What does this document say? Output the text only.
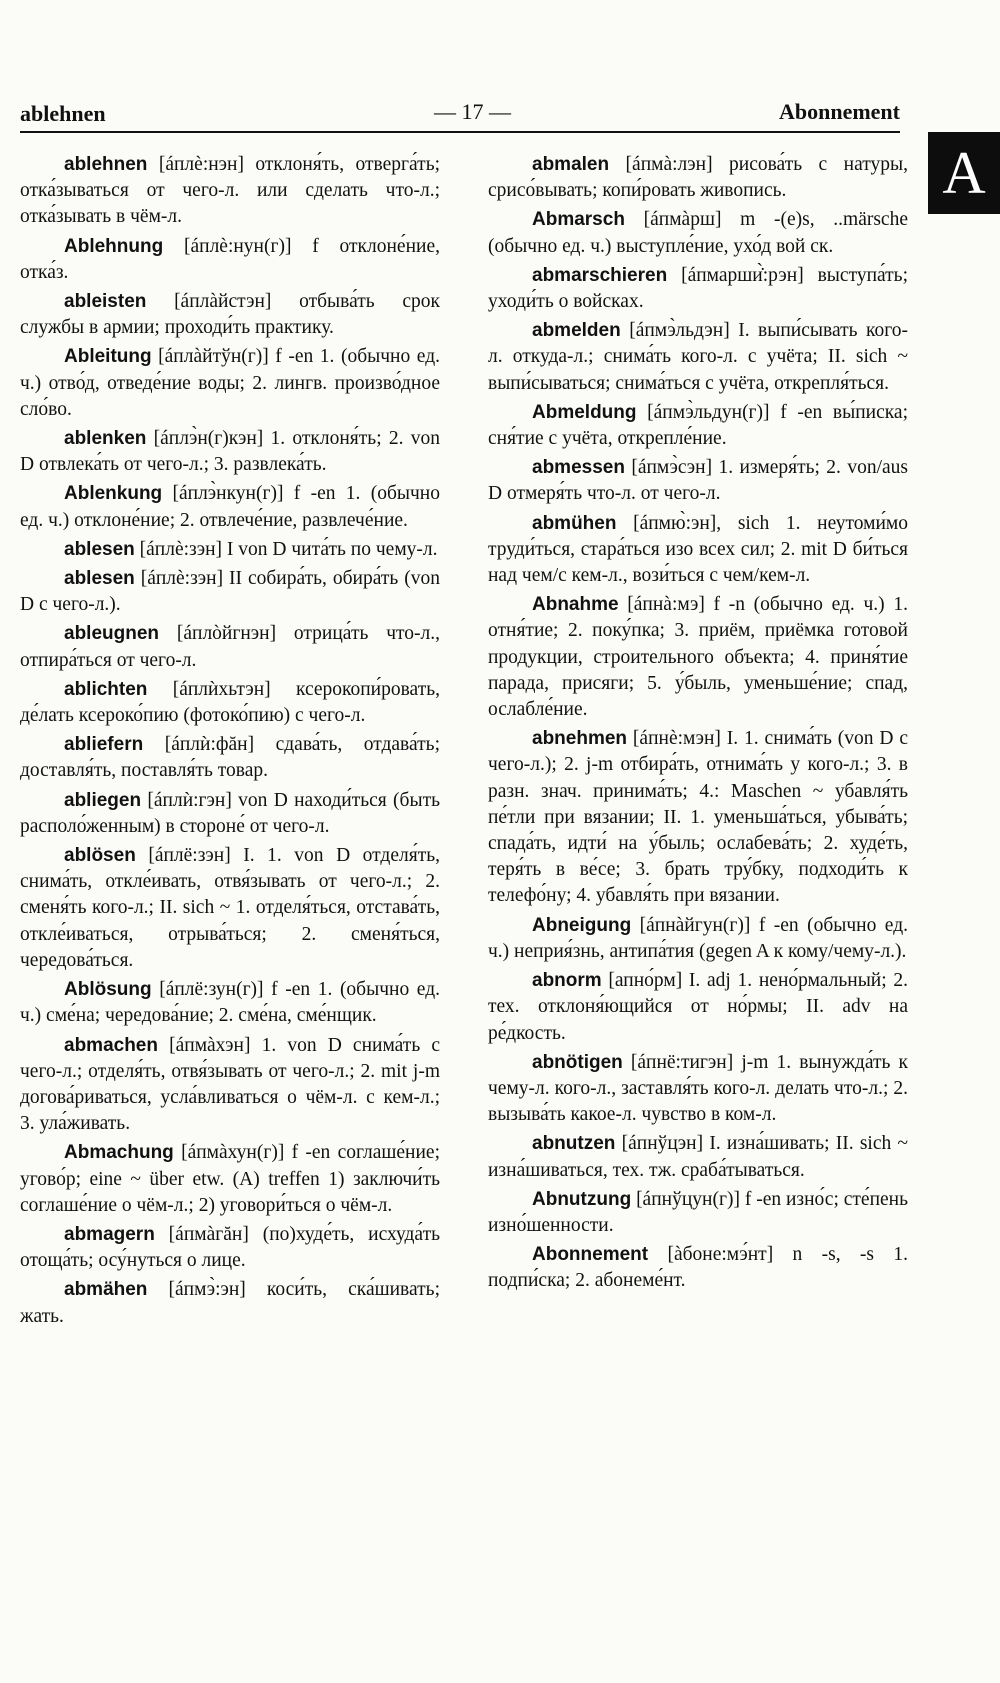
ablehnen	— 17 —	Abonnement
A

ablehnen [áплѐ:нэн] отклоня́ть, отверга́ть; отка́зываться от чего-л. или сделать что-л.; отка́зывать в чём-л.

Ablehnung [áплѐ:нун(г)] f отклоне́ние, отка́з.

ableisten [áплàйстэн] отбыва́ть срок службы в армии; проходи́ть практику.

Ableitung [áплàйтўн(г)] f -en 1. (обычно ед. ч.) отво́д, отведе́ние воды; 2. лингв. произво́дное сло́во.

ablenken [áплэ̀н(г)кэн] 1. отклоня́ть; 2. von D отвлека́ть от чего-л.; 3. развлека́ть.

Ablenkung [áплэ̀нкун(г)] f -en 1. (обычно ед. ч.) отклоне́ние; 2. отвлече́ние, развлече́ние.

ablesen [áплѐ:зэн] I von D чита́ть по чему-л.

ablesen [áплѐ:зэн] II собира́ть, обира́ть (von D с чего-л.).

ableugnen [áплòйгнэн] отрица́ть что-л., отпира́ться от чего-л.

ablichten [áплѝхьтэн] ксерокопи́ровать, де́лать ксероко́пию (фотоко́пию) с чего-л.

abliefern [áплѝ:фăн] сдава́ть, отдава́ть; доставля́ть, поставля́ть товар.

abliegen [áплѝ:гэн] von D находи́ться (быть располо́женным) в стороне́ от чего-л.

ablösen [áплё:зэн] I. 1. von D отделя́ть, снима́ть, откле́ивать, отвя́зывать от чего-л.; 2. сменя́ть кого-л.; II. sich ~ 1. отделя́ться, отстава́ть, откле́иваться, отрыва́ться; 2. сменя́ться, чередова́ться.

Ablösung [áплё:зун(г)] f -en 1. (обычно ед. ч.) сме́на; чередова́ние; 2. сме́на, сме́нщик.

abmachen [áпмàхэн] 1. von D снима́ть с чего-л.; отделя́ть, отвя́зывать от чего-л.; 2. mit j-m догова́риваться, усла́вливаться о чём-л. с кем-л.; 3. ула́живать.

Abmachung [áпмàхун(г)] f -en соглаше́ние; угово́р; eine ~ über etw. (A) treffen 1) заключи́ть соглаше́ние о чём-л.; 2) уговори́ться о чём-л.

abmagern [áпмàгăн] (по)худе́ть, исхуда́ть отоща́ть; осу́нуться о лице.

abmähen [áпмэ̀:эн] коси́ть, ска́шивать; жать.

abmalen [áпмà:лэн] рисова́ть с натуры, срисо́вывать; копи́ровать живопись.

Abmarsch [áпмàрш] m -(e)s, ..märsche (обычно ед. ч.) выступле́ние, ухо́д вой ск.

abmarschieren [áпмарши̇̀:рэн] выступа́ть; уходи́ть о войсках.

abmelden [áпмэ̀льдэн] I. выпи́сывать кого-л. откуда-л.; снима́ть кого-л. с учёта; II. sich ~ выпи́сываться; снима́ться с учёта, открепля́ться.

Abmeldung [áпмэ̀льдун(г)] f -en вы́писка; сня́тие с учёта, открепле́ние.

abmessen [áпмэ̀сэн] 1. измеря́ть; 2. von/aus D отмеря́ть что-л. от чего-л.

abmühen [áпмю̀:эн], sich 1. неутоми́мо труди́ться, стара́ться изо всех сил; 2. mit D би́ться над чем/с кем-л., вози́ться с чем/кем-л.

Abnahme [áпнà:мэ] f -n (обычно ед. ч.) 1. отня́тие; 2. поку́пка; 3. приём, приёмка готовой продукции, строительного объекта; 4. приня́тие парада, присяги; 5. у́быль, уменьше́ние; спад, ослабле́ние.

abnehmen [áпнѐ:мэн] I. 1. снима́ть (von D с чего-л.); 2. j-m отбира́ть, отнима́ть у кого-л.; 3. в разн. знач. принима́ть; 4.: Maschen ~ убавля́ть пе́тли при вязании; II. 1. уменьша́ться, убыва́ть; спада́ть, идти́ на у́быль; ослабева́ть; 2. худе́ть, теря́ть в ве́се; 3. брать тру́бку, подходи́ть к телефо́ну; 4. убавля́ть при вязании.

Abneigung [áпнàйгун(г)] f -en (обычно ед. ч.) неприя́знь, антипа́тия (gegen A к кому/чему-л.).

abnorm [апно́рм] I. adj 1. нено́рмальный; 2. тех. отклоня́ющийся от но́рмы; II. adv на ре́дкость.

abnötigen [áпнё:тигэн] j-m 1. вынужда́ть к чему-л. кого-л., заставля́ть кого-л. делать что-л.; 2. вызыва́ть какое-л. чувство в ком-л.

abnutzen [áпнўцэн] I. изна́шивать; II. sich ~ изна́шиваться, тех. тж. сраба́тываться.

Abnutzung [áпнўцун(г)] f -en изно́с; сте́пень изно́шенности.

Abonnement [àбоне:мэ́нт] n -s, -s 1. подпи́ска; 2. абонеме́нт.
